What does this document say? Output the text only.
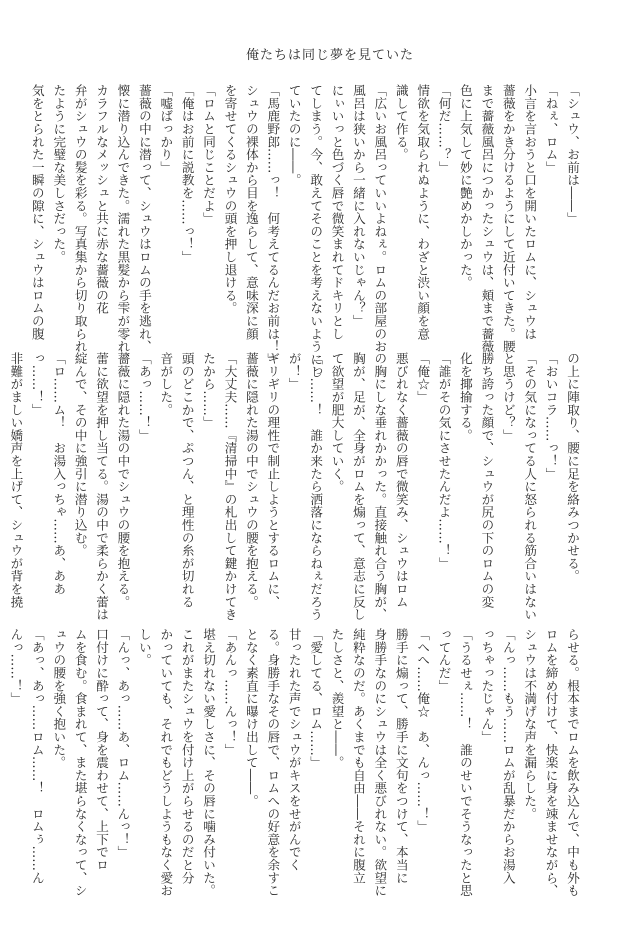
俺たちは同じ夢を見ていた
「シュウ、お前は――」
「ねぇ、ロム」
小言を言おうと口を開いたロムに、シュウは
薔薇をかき分けるようにして近付いてきた。腰
まで薔薇風呂につかったシュウは、頬まで薔薇
色に上気して妙に艶めかしかった。
「何だ……？」
情欲を気取られぬように、わざと渋い顔を意
識して作る。
「広いお風呂っていいよねぇ。ロムの部屋のお
風呂は狭いから一緒に入れないじゃん？」
にぃいっと色づく唇で微笑まれてドキリとし
てしまう。今、敢えてそのことを考えないようにし
ていたのに――。
「馬鹿野郎……っ！　何考えてるんだお前は！」
シュウの裸体から目を逸らして、意味深に顔
を寄せてくるシュウの頭を押し退ける。
「ロムと同じことだよ」
「俺はお前に説教を……っ！」
「嘘ばっかり」
薔薇の中に潜って、シュウはロムの手を逃れ、
懐に潜り込んできた。濡れた黒髪から雫が零れ、
カラフルなメッシュと共に赤な薔薇の花
弁がシュウの髪を彩る。写真集から切り取られ
たように完璧な美しさだった。
気をとられた一瞬の隙に、シュウはロムの腹
の上に陣取り、腰に足を絡みつかせる。
「おいコラ……っ！」
「その気になってる人に怒られる筋合いはない
と思うけど？」
勝ち誇った顔で、シュウが尻の下のロムの変
化を揶揄する。
「誰がその気にさせたんだよ……！」
「俺☆」
悪びれなく薔薇の唇で微笑み、シュウはロム
の胸にしな垂れかかった。直接触れ合う胸が、
胸が、足が、全身がロムを煽って、意志に反し
て欲望が肥大していく。
「っ……！　誰か来たら洒落にならねぇだろう
が！」
ギリギリの理性で制止しようとするロムに、
薔薇に隠れた湯の中でシュウの腰を抱える。
「大丈夫……『清掃中』の札出して鍵かけてき
たから……」
頭のどこかで、ぷつん、と理性の糸が切れる
音がした。
「あっ……！」
薔薇に隠れた湯の中でシュウの腰を抱える。
蕾に欲望を押し当てる。湯の中で柔らかく蕾は
綻んで、その中に強引に潜り込む。
「ロ……ム！　お湯入っちゃ……あ、ああ
っ……！」
非難がましい嬌声を上げて、シュウが背を撓
らせる。根本までロムを飲み込んで、中も外も
ロムを締め付けて、快楽に身を竦ませながら、
シュウは不満げな声を漏らした。
「んっ……もう……ロムが乱暴だからお湯入
っちゃったじゃん」
「うるせぇ……！　誰のせいでそうなったと思
ってんだ」
「へへ……俺☆　あ、んっ……！」
勝手に煽って、勝手に文句をつけて、本当に
身勝手なのにシュウは全く悪びれない。欲望に
純粋なのだ。あくまでも自由――それに腹立
たしさと、羨望と――。
「愛してる、ロム……」
甘ったれた声でシュウがキスをせがんでく
る。身勝手なその唇で、ロムへの好意を余すこ
となく素直に曝け出して――。
「あんっ……んっ！」
堪え切れない愛しさに、その唇に噛み付いた。
これがまたシュウを付け上がらせるのだと分
かっていても、それでもどうしようもなく愛お
しい。
「んっ、あっ……あ、ロム……んっ！」
口付けに酔って、身を震わせて、上下でロ
ムを食む。食まれて、また堪らなくなって、シ
ュウの腰を強く抱いた。
「あっ、あっ……ロム……！　ロムぅ……ん
んっ……！」
